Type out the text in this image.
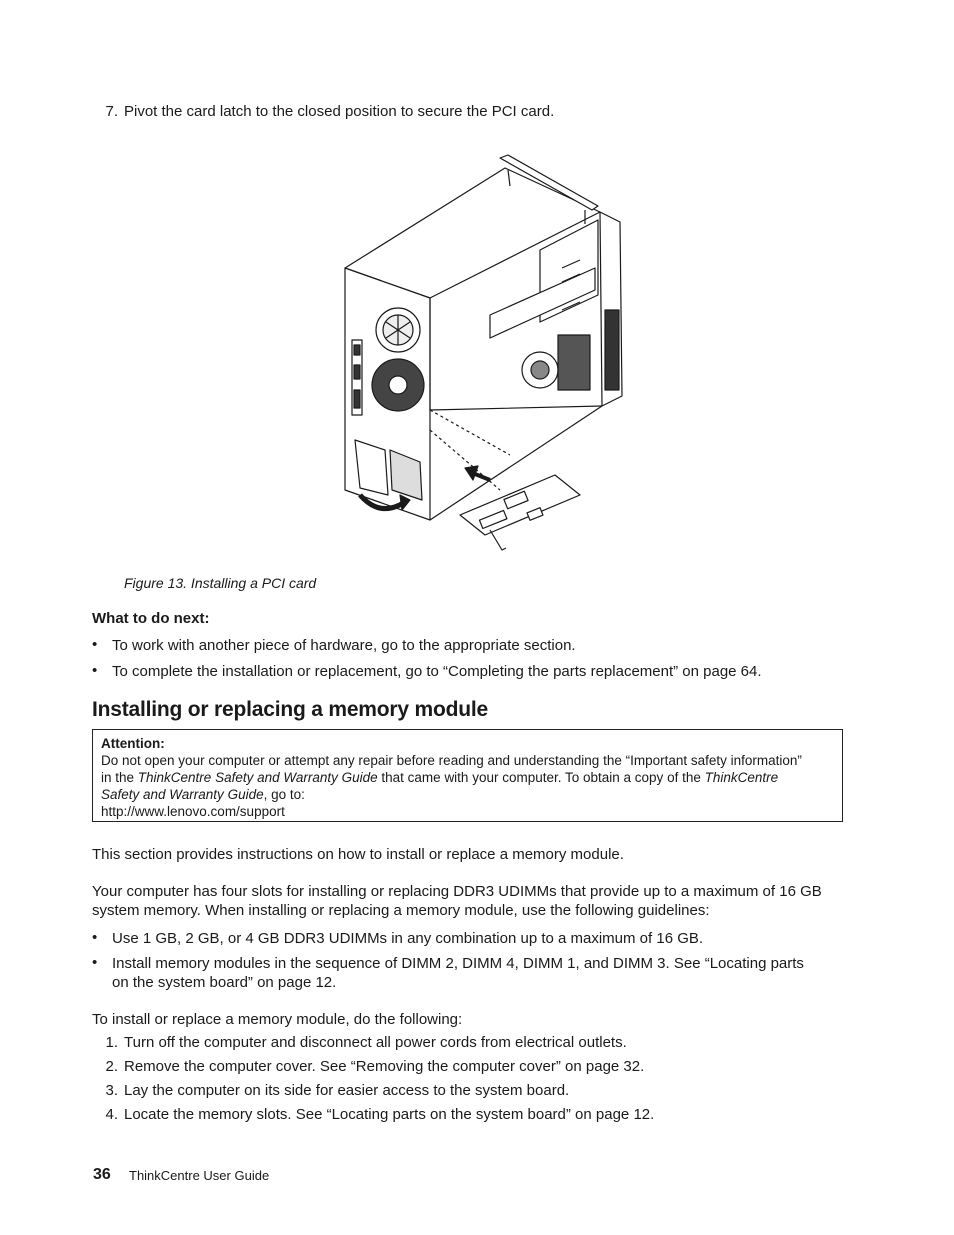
7. Pivot the card latch to the closed position to secure the PCI card.
Figure 13. Installing a PCI card
What to do next:
• To work with another piece of hardware, go to the appropriate section.
• To complete the installation or replacement, go to “Completing the parts replacement” on page 64.
Installing or replacing a memory module
Attention:
Do not open your computer or attempt any repair before reading and understanding the “Important safety information”
in the ThinkCentre Safety and Warranty Guide that came with your computer. To obtain a copy of the ThinkCentre
Safety and Warranty Guide, go to:
http://www.lenovo.com/support
This section provides instructions on how to install or replace a memory module.
Your computer has four slots for installing or replacing DDR3 UDIMMs that provide up to a maximum of 16 GB system memory. When installing or replacing a memory module, use the following guidelines:
• Use 1 GB, 2 GB, or 4 GB DDR3 UDIMMs in any combination up to a maximum of 16 GB.
• Install memory modules in the sequence of DIMM 2, DIMM 4, DIMM 1, and DIMM 3. See “Locating parts on the system board” on page 12.
To install or replace a memory module, do the following:
1. Turn off the computer and disconnect all power cords from electrical outlets.
2. Remove the computer cover. See “Removing the computer cover” on page 32.
3. Lay the computer on its side for easier access to the system board.
4. Locate the memory slots. See “Locating parts on the system board” on page 12.
36 ThinkCentre User Guide
